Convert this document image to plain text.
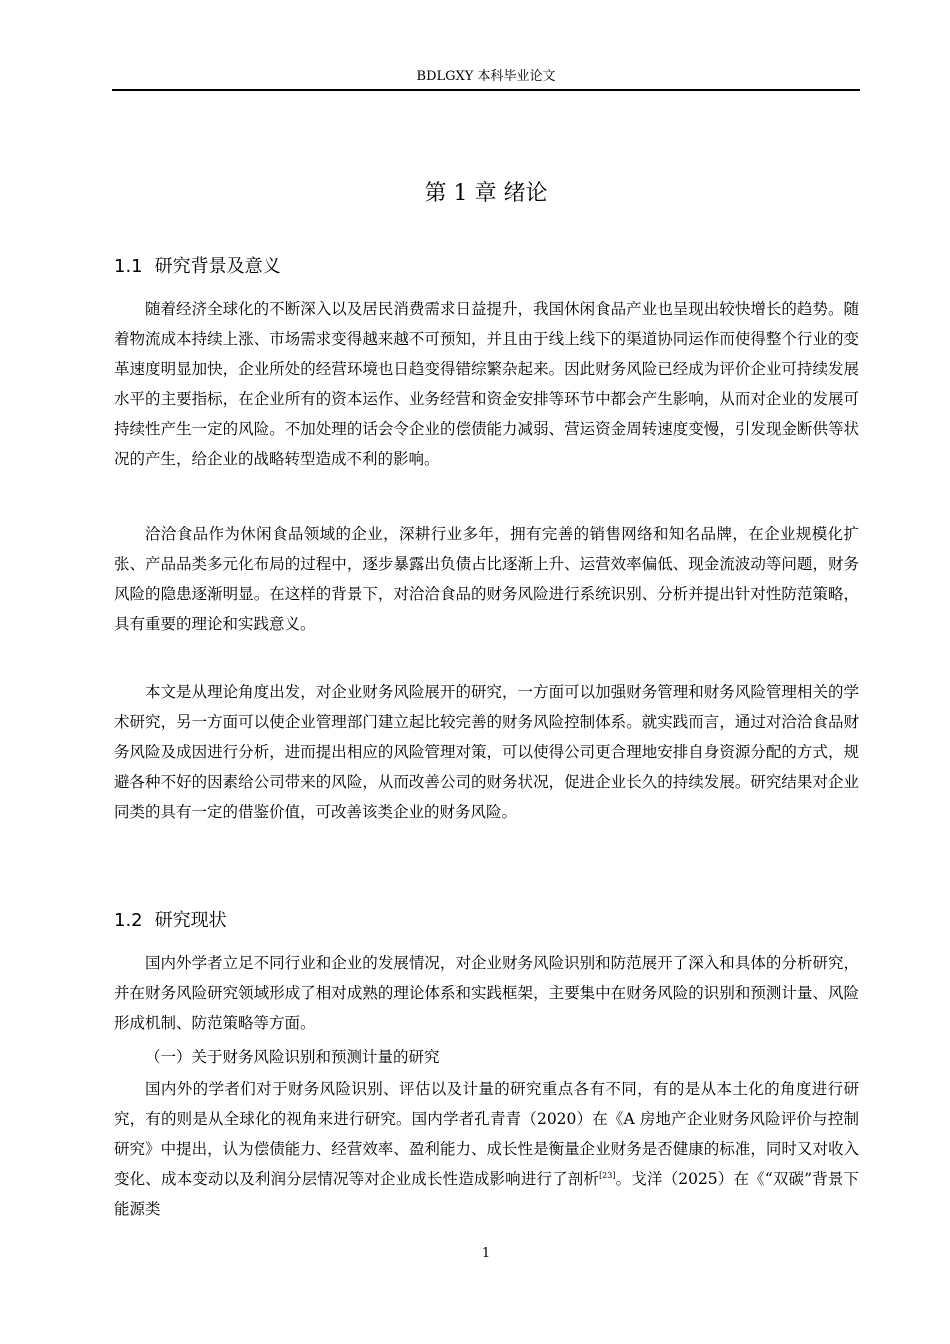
BDLGXY 本科毕业论文
第 1 章 绪论
1.1 研究背景及意义

随着经济全球化的不断深入以及居民消费需求日益提升，我国休闲食品产业也呈现出较快增长的趋势。随着物流成本持续上涨、市场需求变得越来越不可预知，并且由于线上线下的渠道协同运作而使得整个行业的变革速度明显加快，企业所处的经营环境也日趋变得错综繁杂起来。因此财务风险已经成为评价企业可持续发展水平的主要指标，在企业所有的资本运作、业务经营和资金安排等环节中都会产生影响，从而对企业的发展可持续性产生一定的风险。不加处理的话会令企业的偿债能力减弱、营运资金周转速度变慢，引发现金断供等状况的产生，给企业的战略转型造成不利的影响。

洽洽食品作为休闲食品领域的企业，深耕行业多年，拥有完善的销售网络和知名品牌，在企业规模化扩张、产品品类多元化布局的过程中，逐步暴露出负债占比逐渐上升、运营效率偏低、现金流波动等问题，财务风险的隐患逐渐明显。在这样的背景下，对洽洽食品的财务风险进行系统识别、分析并提出针对性防范策略，具有重要的理论和实践意义。

本文是从理论角度出发，对企业财务风险展开的研究，一方面可以加强财务管理和财务风险管理相关的学术研究，另一方面可以使企业管理部门建立起比较完善的财务风险控制体系。就实践而言，通过对洽洽食品财务风险及成因进行分析，进而提出相应的风险管理对策，可以使得公司更合理地安排自身资源分配的方式，规避各种不好的因素给公司带来的风险，从而改善公司的财务状况，促进企业长久的持续发展。研究结果对企业同类的具有一定的借鉴价值，可改善该类企业的财务风险。

1.2 研究现状

国内外学者立足不同行业和企业的发展情况，对企业财务风险识别和防范展开了深入和具体的分析研究，并在财务风险研究领域形成了相对成熟的理论体系和实践框架，主要集中在财务风险的识别和预测计量、风险形成机制、防范策略等方面。

（一）关于财务风险识别和预测计量的研究

国内外的学者们对于财务风险识别、评估以及计量的研究重点各有不同，有的是从本土化的角度进行研究，有的则是从全球化的视角来进行研究。国内学者孔青青（2020）在《A 房地产企业财务风险评价与控制研究》中提出，认为偿债能力、经营效率、盈利能力、成长性是衡量企业财务是否健康的标准，同时又对收入变化、成本变动以及利润分层情况等对企业成长性造成影响进行了剖析[23]。戈洋（2025）在《“双碳”背景下能源类

1
